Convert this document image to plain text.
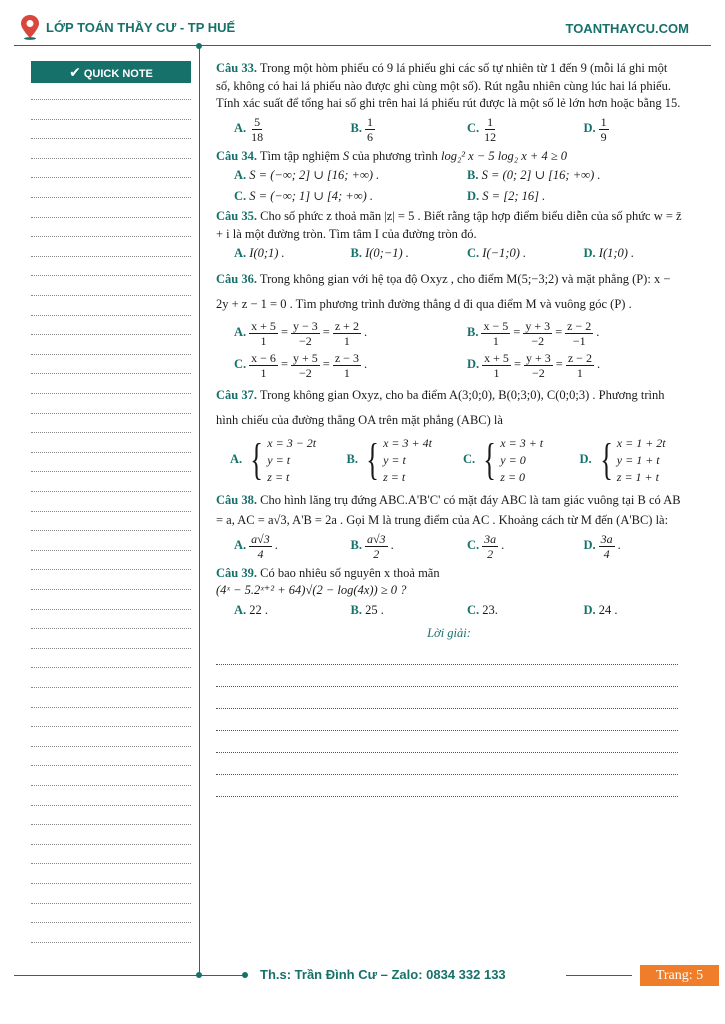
LỚP TOÁN THẦY CƯ - TP HUẾ	TOANTHAYCU.COM
✔ QUICK NOTE	Câu 33. Trong một hòm phiếu có 9 lá phiếu ghi các số tự nhiên từ 1 đến 9 (mỗi lá ghi một số, không có hai lá phiếu nào được ghi cùng một số). Rút ngẫu nhiên cùng lúc hai lá phiếu. Tính xác suất để tổng hai số ghi trên hai lá phiếu rút được là một số lẻ lớn hơn hoặc bằng 15.
A. $\frac{5}{18}$	B. $\frac{1}{6}$	C. $\frac{1}{12}$	D. $\frac{1}{9}$
Câu 34. Tìm tập nghiệm S của phương trình log₂² x − 5 log₂ x + 4 ≥ 0
A.
S = (−∞; 2] ∪ [16; +∞) .	B.
S = (0; 2] ∪ [16; +∞) .
C.
S = (−∞; 1] ∪ [4; +∞) .	D.
S = [2; 16] .
Câu 35. Cho số phức z thoả mãn |z| = 5 . Biết rằng tập hợp điểm biểu diễn của số phức w = z̄ + i là một đường tròn. Tìm tâm I của đường tròn đó.
A.
I(0;1) .	B.
I(0;−1) .	C.
I(−1;0) .	D.
I(1;0) .
Câu 36. Trong không gian với hệ tọa độ Oxyz , cho điểm M(5;−3;2) và mặt phẳng (P): x − 2y + z − 1 = 0 . Tìm phương trình đường thẳng d đi qua điểm M và vuông góc (P) .
A. $\frac{x + 5}{1} = \frac{y - 3}{-2} = \frac{z + 2}{1}$ .	B. $\frac{x - 5}{1} = \frac{y + 3}{-2} = \frac{z - 2}{-1}$ .
C. $\frac{x - 6}{1} = \frac{y + 5}{-2} = \frac{z - 3}{1}$ .	D. $\frac{x + 5}{1} = \frac{y + 3}{-2} = \frac{z - 2}{1}$ .
Câu 37. Trong không gian Oxyz, cho ba điểm A(3;0;0), B(0;3;0), C(0;0;3) . Phương trình hình chiếu của đường thẳng OA trên mặt phẳng (ABC) là
A. { x = 3 − 2t
y = t
z = t
B. { x = 3 + 4t
y = t
z = t
C. { x = 3 + t
y = 0
z = 0
D. { x = 1 + 2t
y = 1 + t
z = 1 + t
Câu 38. Cho hình lăng trụ đứng ABC.A'B'C' có mặt đáy ABC là tam giác vuông tại B có AB = a, AC = a√3, A'B = 2a . Gọi M là trung điểm của AC . Khoảng cách từ M đến (A'BC) là:
A. $\frac{a√3}{4}$ .	B. $\frac{a√3}{2}$ .	C. $\frac{3a}{2}$ .	D. $\frac{3a}{4}$ .
Câu 39. Có bao nhiêu số nguyên x thoả mãn
(4ˣ − 5.2ˣ⁺² + 64)√(2 − log(4x)) ≥ 0 ?
A.
22 .	B.
25 .	C.
23.	D.
24 .
Lời giải:
Th.s: Trần Đình Cư – Zalo: 0834 332 133	Trang: 5
